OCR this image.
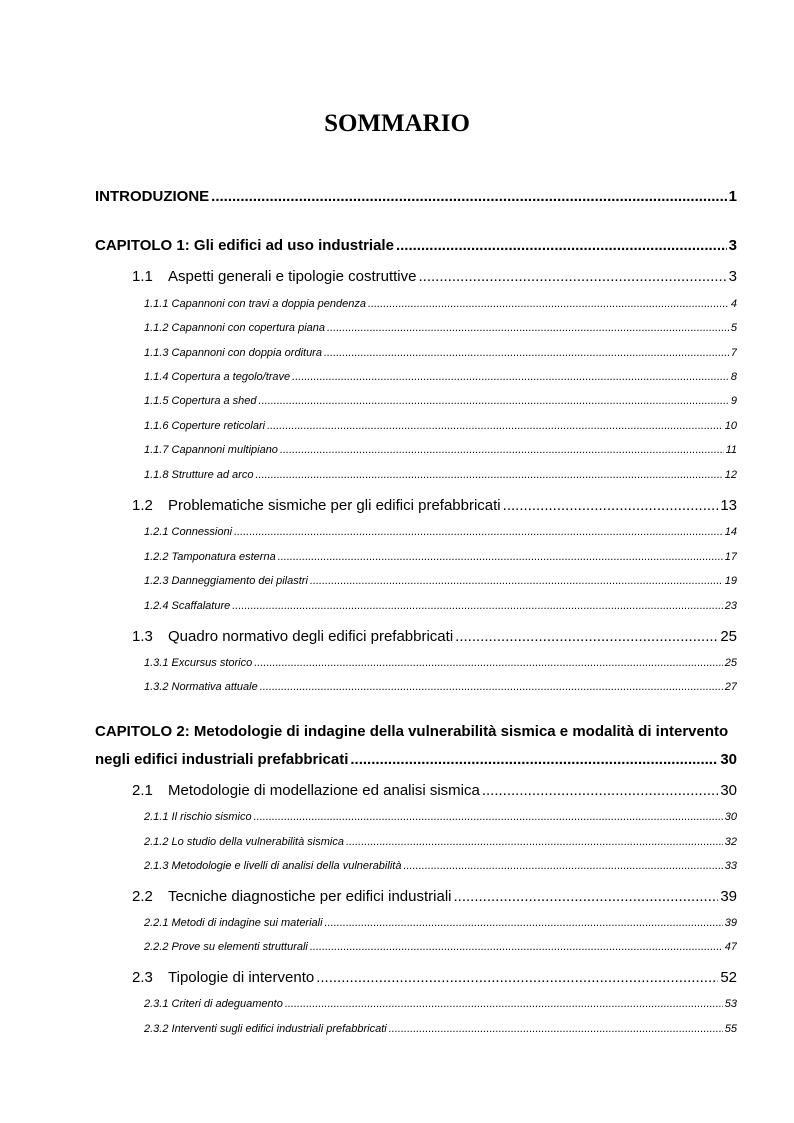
SOMMARIO
INTRODUZIONE .....	1
CAPITOLO 1: Gli edifici ad uso industriale .....	3
1.1 Aspetti generali e tipologie costruttive .....	3
1.1.1 Capannoni con travi a doppia pendenza .....	4
1.1.2 Capannoni con copertura piana .....	5
1.1.3 Capannoni con doppia orditura .....	7
1.1.4 Copertura a tegolo/trave .....	8
1.1.5 Copertura a shed .....	9
1.1.6 Coperture reticolari .....	10
1.1.7 Capannoni multipiano .....	11
1.1.8 Strutture ad arco .....	12
1.2 Problematiche sismiche per gli edifici prefabbricati .....	13
1.2.1 Connessioni .....	14
1.2.2 Tamponatura esterna .....	17
1.2.3 Danneggiamento dei pilastri .....	19
1.2.4 Scaffalature .....	23
1.3 Quadro normativo degli edifici prefabbricati .....	25
1.3.1 Excursus storico .....	25
1.3.2 Normativa attuale .....	27
CAPITOLO 2: Metodologie di indagine della vulnerabilità sismica e modalità di intervento
negli edifici industriali prefabbricati .....	30
2.1 Metodologie di modellazione ed analisi sismica .....	30
2.1.1 Il rischio sismico .....	30
2.1.2 Lo studio della vulnerabilità sismica .....	32
2.1.3 Metodologie e livelli di analisi della vulnerabilità .....	33
2.2 Tecniche diagnostiche per edifici industriali .....	39
2.2.1 Metodi di indagine sui materiali .....	39
2.2.2 Prove su elementi strutturali .....	47
2.3 Tipologie di intervento .....	52
2.3.1 Criteri di adeguamento .....	53
2.3.2 Interventi sugli edifici industriali prefabbricati .....	55
